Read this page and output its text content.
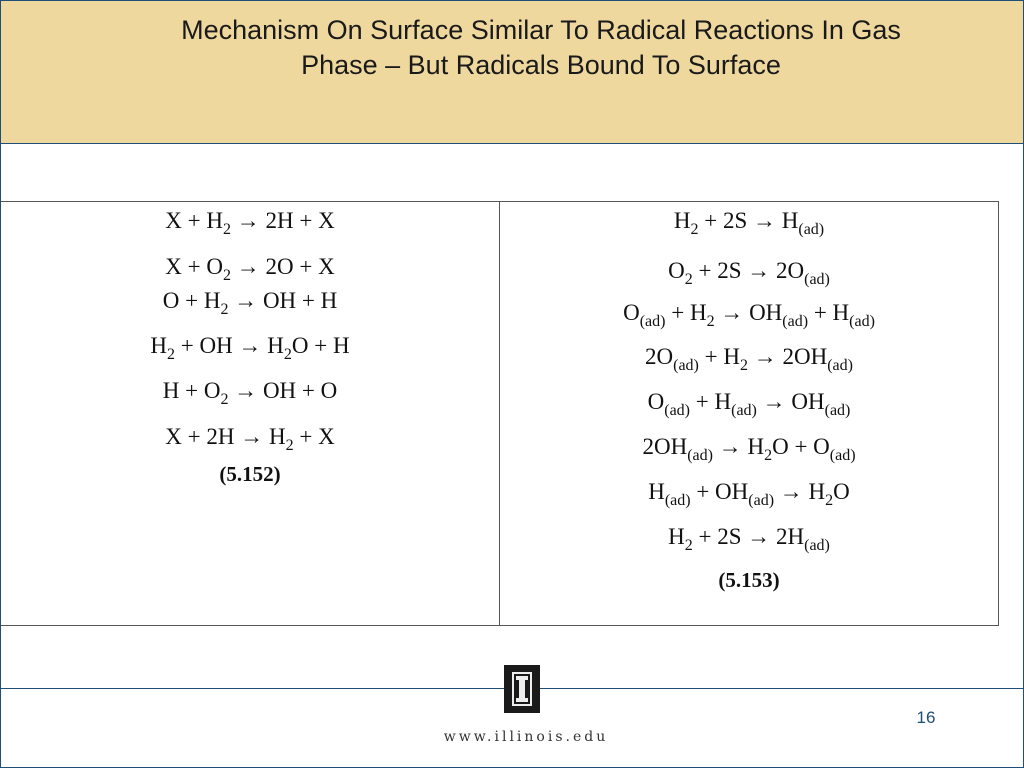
Mechanism On Surface Similar To Radical Reactions In Gas
Phase – But Radicals Bound To Surface
$X + H_2 \to 2H + X$
$X + O_2 \to 2O + X$
$O + H_2$ → OH + H
$H_2$ + OH → $H_2O + H$
$H + O_2$ → OH + O
$X + 2H \to H_2 + X$
(5.152)
$H_2 + 2S \to H_{(ad)}$
$O_2 + 2S \to 2O_{(ad)}$
$O_{(ad)} + H_2 \to OH_{(ad)} + H_{(ad)}$
$2O_{(ad)} + H_2 \to 2OH_{(ad)}$
$O_{(ad)} + H_{(ad)} \to OH_{(ad)}$
$2OH_{(ad)} \to H_2O + O_{(ad)}$
$H_{(ad)} + OH_{(ad)} \to H_2O$
$H_2 + 2S \to 2H_{(ad)}$
(5.153)
www.illinois.edu
16
